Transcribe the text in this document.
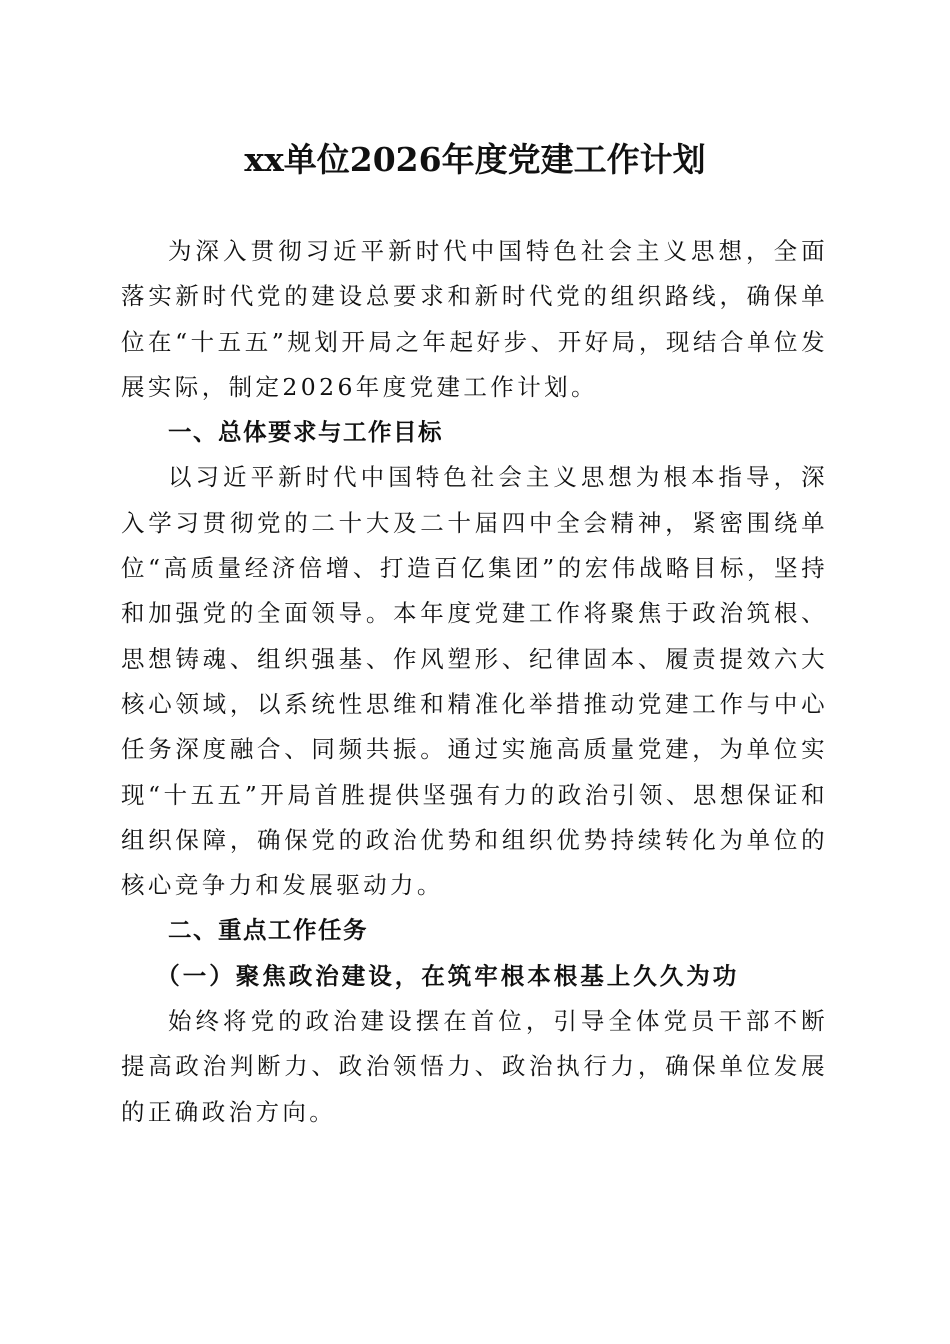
xx单位2026年度党建工作计划

为深入贯彻习近平新时代中国特色社会主义思想，全面落实新时代党的建设总要求和新时代党的组织路线，确保单位在“十五五”规划开局之年起好步、开好局，现结合单位发展实际，制定2026年度党建工作计划。

一、总体要求与工作目标

以习近平新时代中国特色社会主义思想为根本指导，深入学习贯彻党的二十大及二十届四中全会精神，紧密围绕单位“高质量经济倍增、打造百亿集团”的宏伟战略目标，坚持和加强党的全面领导。本年度党建工作将聚焦于政治筑根、思想铸魂、组织强基、作风塑形、纪律固本、履责提效六大核心领域，以系统性思维和精准化举措推动党建工作与中心任务深度融合、同频共振。通过实施高质量党建，为单位实现“十五五”开局首胜提供坚强有力的政治引领、思想保证和组织保障，确保党的政治优势和组织优势持续转化为单位的核心竞争力和发展驱动力。

二、重点工作任务

（一）聚焦政治建设，在筑牢根本根基上久久为功

始终将党的政治建设摆在首位，引导全体党员干部不断提高政治判断力、政治领悟力、政治执行力，确保单位发展的正确政治方向。
